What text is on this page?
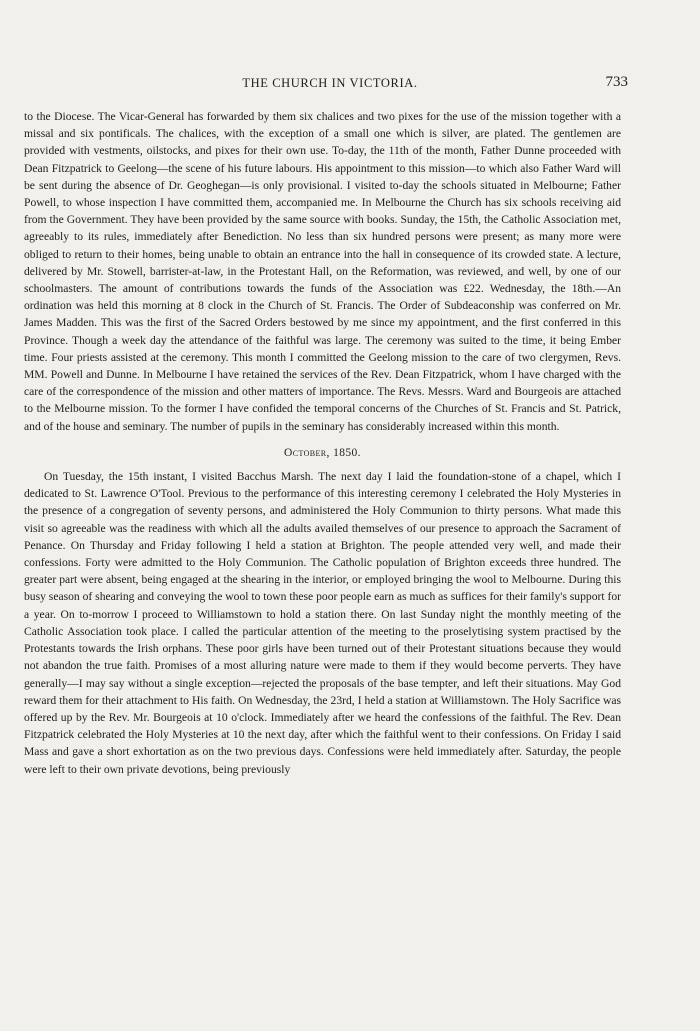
THE CHURCH IN VICTORIA.	733

to the Diocese. The Vicar-General has forwarded by them six chalices and two pixes for the use of the mission together with a missal and six pontificals. The chalices, with the exception of a small one which is silver, are plated. The gentlemen are provided with vestments, oilstocks, and pixes for their own use. To-day, the 11th of the month, Father Dunne proceeded with Dean Fitzpatrick to Geelong—the scene of his future labours. His appointment to this mission—to which also Father Ward will be sent during the absence of Dr. Geoghegan—is only provisional. I visited to-day the schools situated in Melbourne; Father Powell, to whose inspection I have committed them, accompanied me. In Melbourne the Church has six schools receiving aid from the Government. They have been provided by the same source with books. Sunday, the 15th, the Catholic Association met, agreeably to its rules, immediately after Benediction. No less than six hundred persons were present; as many more were obliged to return to their homes, being unable to obtain an entrance into the hall in consequence of its crowded state. A lecture, delivered by Mr. Stowell, barrister-at-law, in the Protestant Hall, on the Reformation, was reviewed, and well, by one of our schoolmasters. The amount of contributions towards the funds of the Association was £22. Wednesday, the 18th.—An ordination was held this morning at 8 clock in the Church of St. Francis. The Order of Subdeaconship was conferred on Mr. James Madden. This was the first of the Sacred Orders bestowed by me since my appointment, and the first conferred in this Province. Though a week day the attendance of the faithful was large. The ceremony was suited to the time, it being Ember time. Four priests assisted at the ceremony. This month I committed the Geelong mission to the care of two clergymen, Revs. MM. Powell and Dunne. In Melbourne I have retained the services of the Rev. Dean Fitzpatrick, whom I have charged with the care of the correspondence of the mission and other matters of importance. The Revs. Messrs. Ward and Bourgeois are attached to the Melbourne mission. To the former I have confided the temporal concerns of the Churches of St. Francis and St. Patrick, and of the house and seminary. The number of pupils in the seminary has considerably increased within this month.

October, 1850.

On Tuesday, the 15th instant, I visited Bacchus Marsh. The next day I laid the foundation-stone of a chapel, which I dedicated to St. Lawrence O'Tool. Previous to the performance of this interesting ceremony I celebrated the Holy Mysteries in the presence of a congregation of seventy persons, and administered the Holy Communion to thirty persons. What made this visit so agreeable was the readiness with which all the adults availed themselves of our presence to approach the Sacrament of Penance. On Thursday and Friday following I held a station at Brighton. The people attended very well, and made their confessions. Forty were admitted to the Holy Communion. The Catholic population of Brighton exceeds three hundred. The greater part were absent, being engaged at the shearing in the interior, or employed bringing the wool to Melbourne. During this busy season of shearing and conveying the wool to town these poor people earn as much as suffices for their family's support for a year. On to-morrow I proceed to Williamstown to hold a station there. On last Sunday night the monthly meeting of the Catholic Association took place. I called the particular attention of the meeting to the proselytising system practised by the Protestants towards the Irish orphans. These poor girls have been turned out of their Protestant situations because they would not abandon the true faith. Promises of a most alluring nature were made to them if they would become perverts. They have generally—I may say without a single exception—rejected the proposals of the base tempter, and left their situations. May God reward them for their attachment to His faith. On Wednesday, the 23rd, I held a station at Williamstown. The Holy Sacrifice was offered up by the Rev. Mr. Bourgeois at 10 o'clock. Immediately after we heard the confessions of the faithful. The Rev. Dean Fitzpatrick celebrated the Holy Mysteries at 10 the next day, after which the faithful went to their confessions. On Friday I said Mass and gave a short exhortation as on the two previous days. Confessions were held immediately after. Saturday, the people were left to their own private devotions, being previously
